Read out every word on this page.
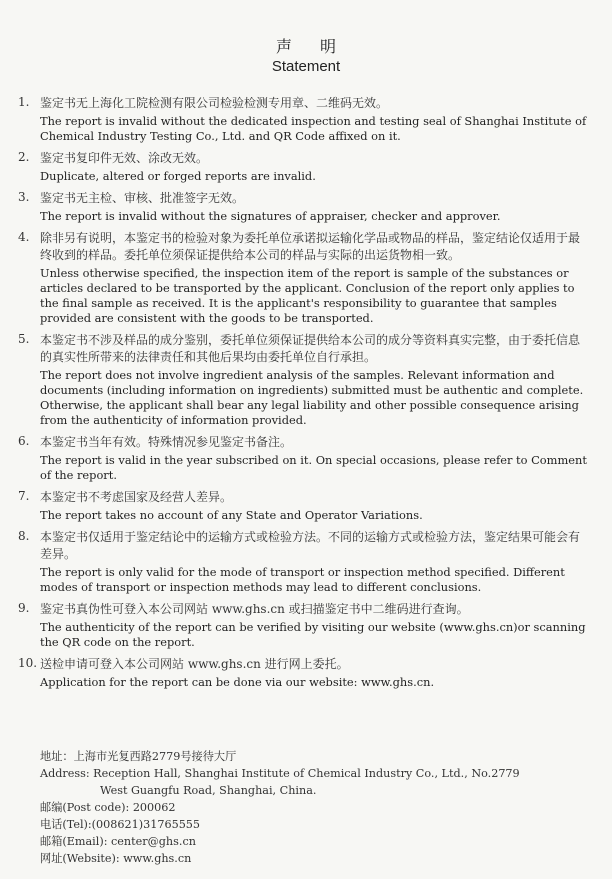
声明
Statement
1. 鉴定书无上海化工院检测有限公司检验检测专用章、二维码无效。
The report is invalid without the dedicated inspection and testing seal of Shanghai Institute of Chemical Industry Testing Co., Ltd. and QR Code affixed on it.
2. 鉴定书复印件无效、涂改无效。
Duplicate, altered or forged reports are invalid.
3. 鉴定书无主检、审核、批准签字无效。
The report is invalid without the signatures of appraiser, checker and approver.
4. 除非另有说明，本鉴定书的检验对象为委托单位承诺拟运输化学品或物品的样品，鉴定结论仅适用于最终收到的样品。委托单位须保证提供给本公司的样品与实际的出运货物相一致。
Unless otherwise specified, the inspection item of the report is sample of the substances or articles declared to be transported by the applicant. Conclusion of the report only applies to the final sample as received. It is the applicant's responsibility to guarantee that samples provided are consistent with the goods to be transported.
5. 本鉴定书不涉及样品的成分鉴别，委托单位须保证提供给本公司的成分等资料真实完整，由于委托信息的真实性所带来的法律责任和其他后果均由委托单位自行承担。
The report does not involve ingredient analysis of the samples. Relevant information and documents (including information on ingredients) submitted must be authentic and complete. Otherwise, the applicant shall bear any legal liability and other possible consequence arising from the authenticity of information provided.
6. 本鉴定书当年有效。特殊情况参见鉴定书备注。
The report is valid in the year subscribed on it. On special occasions, please refer to Comment of the report.
7. 本鉴定书不考虑国家及经营人差异。
The report takes no account of any State and Operator Variations.
8. 本鉴定书仅适用于鉴定结论中的运输方式或检验方法。不同的运输方式或检验方法，鉴定结果可能会有差异。
The report is only valid for the mode of transport or inspection method specified. Different modes of transport or inspection methods may lead to different conclusions.
9. 鉴定书真伪性可登入本公司网站 www.ghs.cn 或扫描鉴定书中二维码进行查询。
The authenticity of the report can be verified by visiting our website (www.ghs.cn)or scanning the QR code on the report.
10. 送检申请可登入本公司网站 www.ghs.cn 进行网上委托。
Application for the report can be done via our website: www.ghs.cn.
地址：上海市光复西路2779号接待大厅
Address: Reception Hall, Shanghai Institute of Chemical Industry Co., Ltd., No.2779
West Guangfu Road, Shanghai, China.
邮编(Post code): 200062
电话(Tel):(008621)31765555
邮箱(Email): center@ghs.cn
网址(Website): www.ghs.cn
